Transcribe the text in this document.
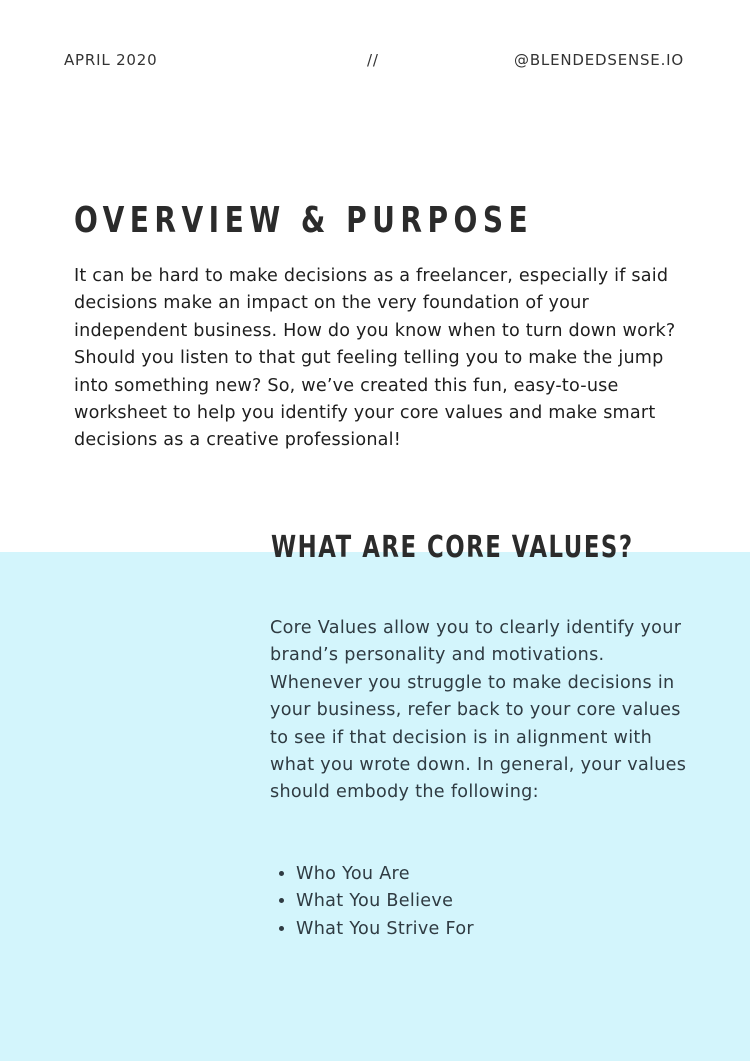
APRIL 2020	//	@BLENDEDSENSE.IO
OVERVIEW & PURPOSE

It can be hard to make decisions as a freelancer, especially if said decisions make an impact on the very foundation of your independent business. How do you know when to turn down work? Should you listen to that gut feeling telling you to make the jump into something new? So, we’ve created this fun, easy-to-use worksheet to help you identify your core values and make smart decisions as a creative professional!

WHAT ARE CORE VALUES?

Core Values allow you to clearly identify your brand’s personality and motivations. Whenever you struggle to make decisions in your business, refer back to your core values to see if that decision is in alignment with what you wrote down. In general, your values should embody the following:

• Who You Are
• What You Believe
• What You Strive For
